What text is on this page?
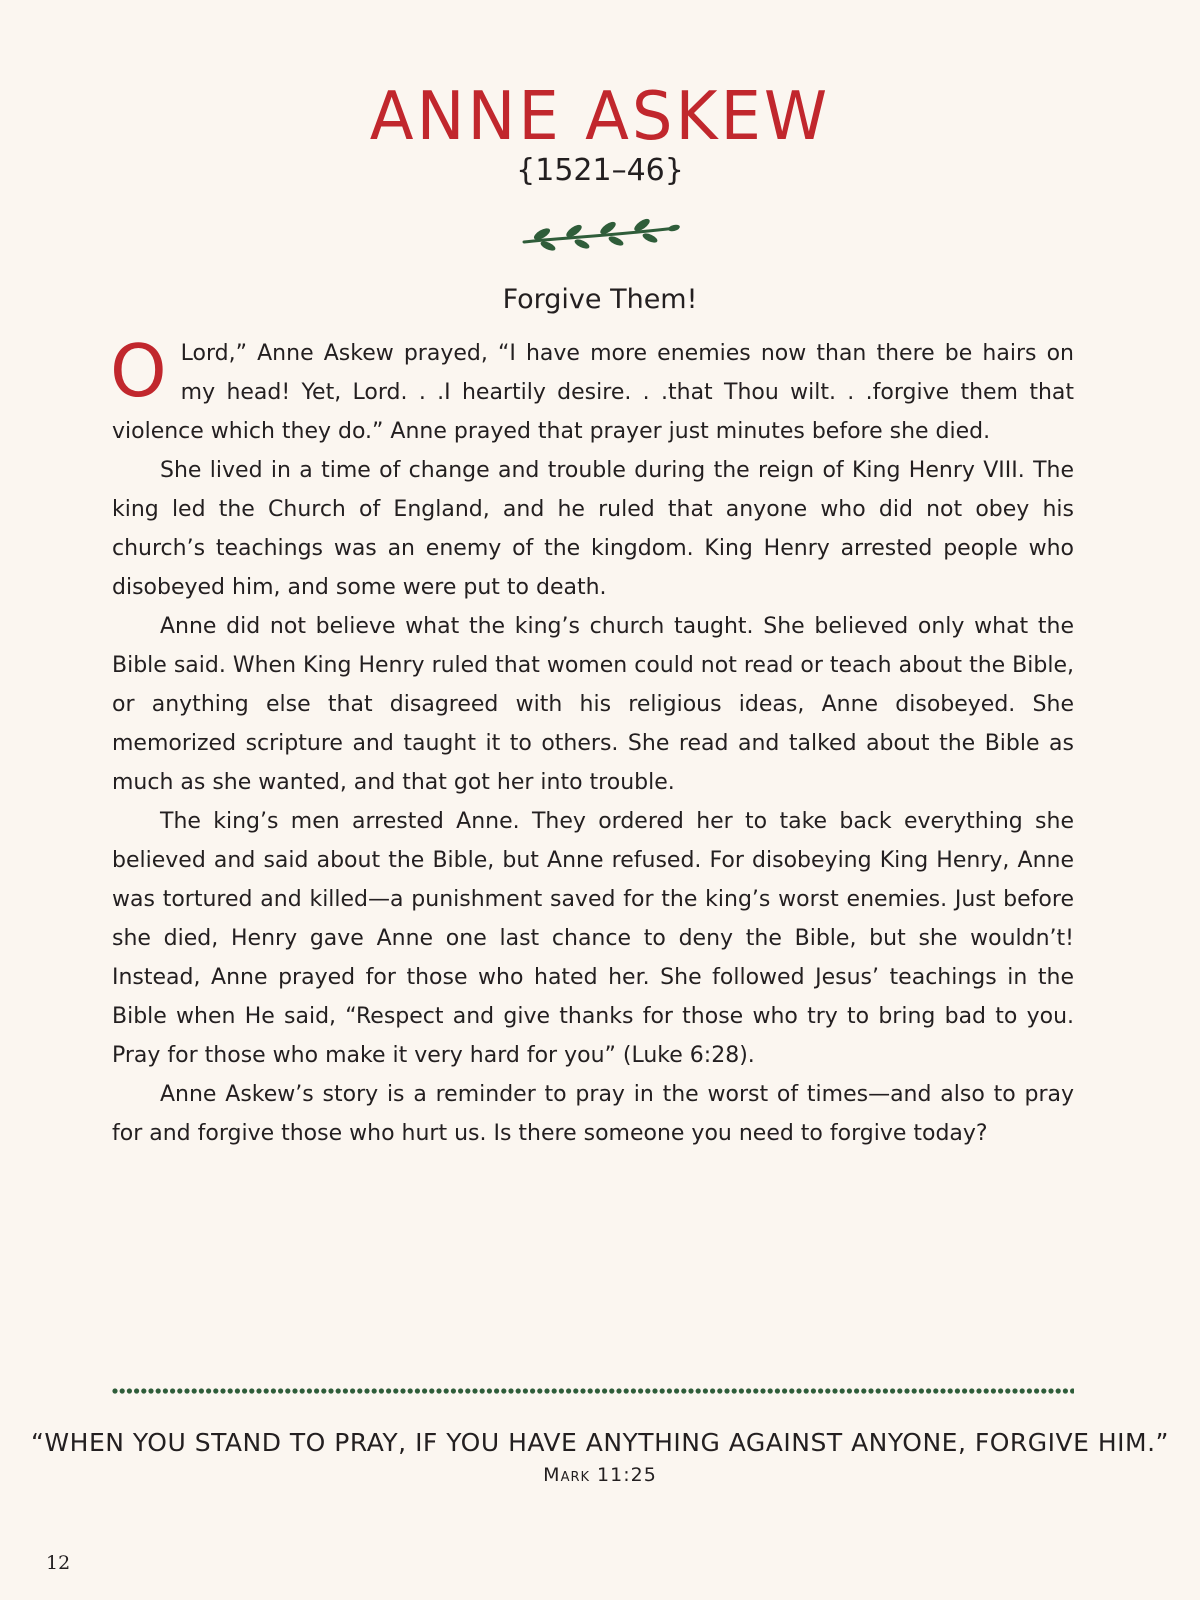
ANNE ASKEW
{1521–46}
Forgive Them!

O Lord,” Anne Askew prayed, “I have more enemies now than there be hairs on my head! Yet, Lord. . .I heartily desire. . .that Thou wilt. . .forgive them that violence which they do.” Anne prayed that prayer just minutes before she died.

She lived in a time of change and trouble during the reign of King Henry VIII. The king led the Church of England, and he ruled that anyone who did not obey his church’s teachings was an enemy of the kingdom. King Henry arrested people who disobeyed him, and some were put to death.

Anne did not believe what the king’s church taught. She believed only what the Bible said. When King Henry ruled that women could not read or teach about the Bible, or anything else that disagreed with his religious ideas, Anne disobeyed. She memorized scripture and taught it to others. She read and talked about the Bible as much as she wanted, and that got her into trouble.

The king’s men arrested Anne. They ordered her to take back everything she believed and said about the Bible, but Anne refused. For disobeying King Henry, Anne was tortured and killed—a punishment saved for the king’s worst enemies. Just before she died, Henry gave Anne one last chance to deny the Bible, but she wouldn’t! Instead, Anne prayed for those who hated her. She followed Jesus’ teachings in the Bible when He said, “Respect and give thanks for those who try to bring bad to you. Pray for those who make it very hard for you” (Luke 6:28).

Anne Askew’s story is a reminder to pray in the worst of times—and also to pray for and forgive those who hurt us. Is there someone you need to forgive today?

“WHEN YOU STAND TO PRAY, IF YOU HAVE ANYTHING AGAINST ANYONE, FORGIVE HIM.”
Mark 11:25
12
